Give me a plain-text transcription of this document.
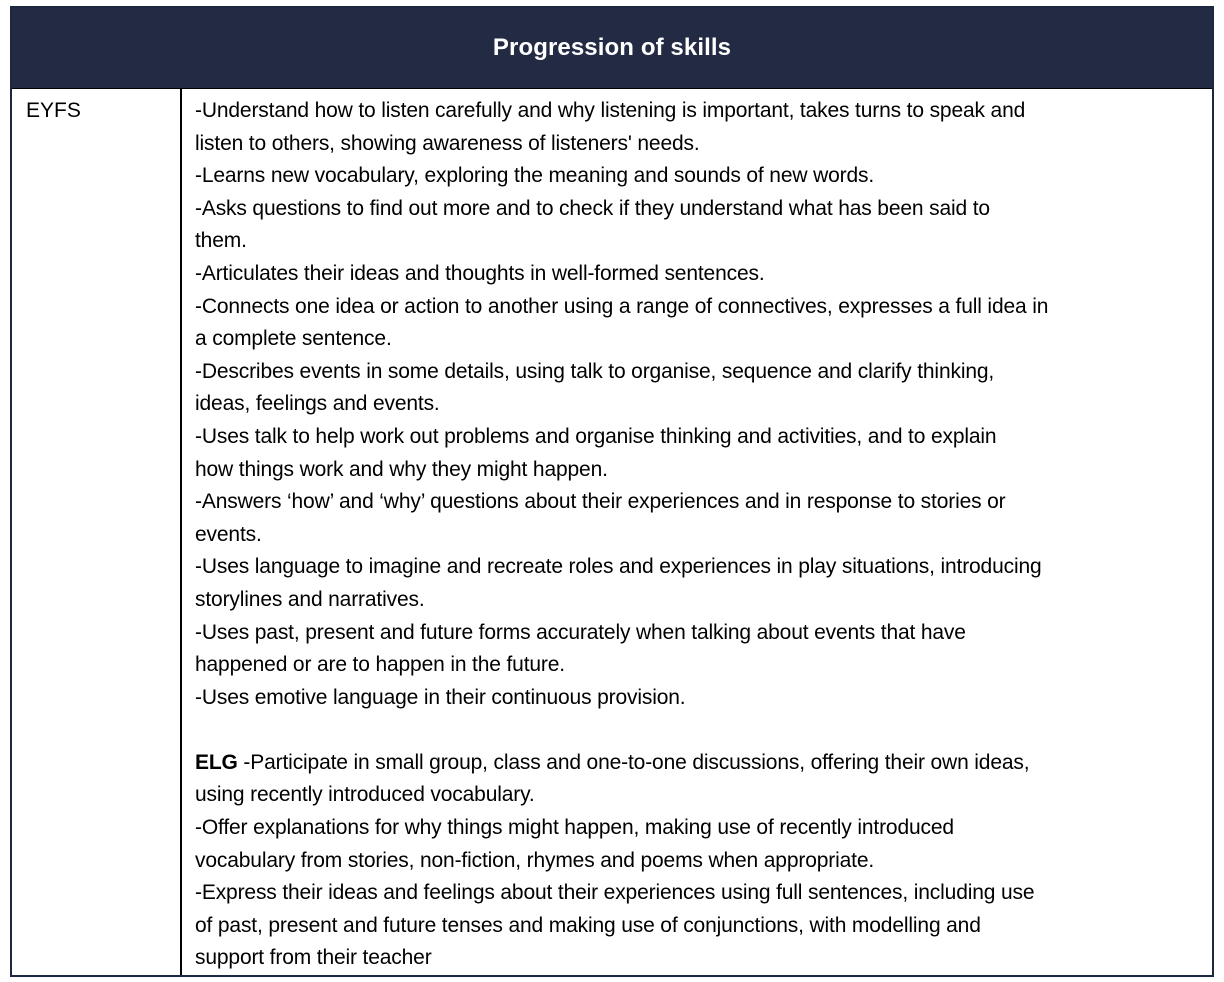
Progression of skills
EYFS	-Understand how to listen carefully and why listening is important, takes turns to speak and
listen to others, showing awareness of listeners' needs.
-Learns new vocabulary, exploring the meaning and sounds of new words.
-Asks questions to find out more and to check if they understand what has been said to
them.
-Articulates their ideas and thoughts in well-formed sentences.
-Connects one idea or action to another using a range of connectives, expresses a full idea in
a complete sentence.
-Describes events in some details, using talk to organise, sequence and clarify thinking,
ideas, feelings and events.
-Uses talk to help work out problems and organise thinking and activities, and to explain
how things work and why they might happen.
-Answers ‘how’ and ‘why’ questions about their experiences and in response to stories or
events.
-Uses language to imagine and recreate roles and experiences in play situations, introducing
storylines and narratives.
-Uses past, present and future forms accurately when talking about events that have
happened or are to happen in the future.
-Uses emotive language in their continuous provision.
ELG -Participate in small group, class and one-to-one discussions, offering their own ideas,
using recently introduced vocabulary.
-Offer explanations for why things might happen, making use of recently introduced
vocabulary from stories, non-fiction, rhymes and poems when appropriate.
-Express their ideas and feelings about their experiences using full sentences, including use
of past, present and future tenses and making use of conjunctions, with modelling and
support from their teacher
